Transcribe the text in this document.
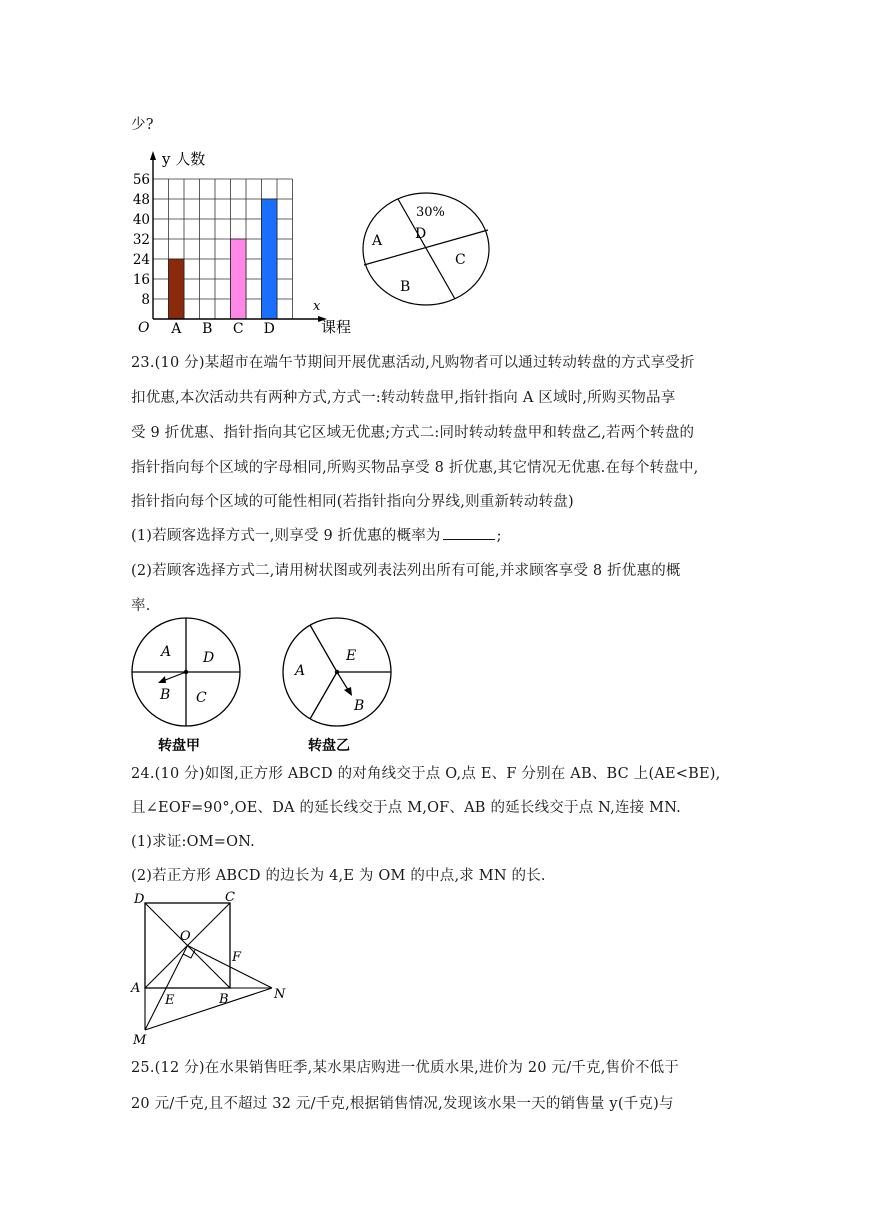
少?
56
48
40
32
24
16
8
A B C D
y 人数
x
课程
O
A
30%
D
C
B
23.(10 分)某超市在端午节期间开展优惠活动,凡购物者可以通过转动转盘的方式享受折
扣优惠,本次活动共有两种方式,方式一:转动转盘甲,指针指向 A 区域时,所购买物品享
受 9 折优惠、指针指向其它区域无优惠;方式二:同时转动转盘甲和转盘乙,若两个转盘的
指针指向每个区域的字母相同,所购买物品享受 8 折优惠,其它情况无优惠.在每个转盘中,
指针指向每个区域的可能性相同(若指针指向分界线,则重新转动转盘)
(1)若顾客选择方式一,则享受 9 折优惠的概率为	;
(2)若顾客选择方式二,请用树状图或列表法列出所有可能,并求顾客享受 8 折优惠的概
率.
A D
B C
转盘甲
A
E
B
转盘乙
24.(10 分)如图,正方形 ABCD 的对角线交于点 O,点 E、F 分别在 AB、BC 上(AE<BE),
且∠EOF=90°,OE、DA 的延长线交于点 M,OF、AB 的延长线交于点 N,连接 MN.
(1)求证:OM=ON.
(2)若正方形 ABCD 的边长为 4,E 为 OM 的中点,求 MN 的长.
D	C
O
F
A
E	B	N
M
25.(12 分)在水果销售旺季,某水果店购进一优质水果,进价为 20 元/千克,售价不低于
20 元/千克,且不超过 32 元/千克,根据销售情况,发现该水果一天的销售量 y(千克)与
